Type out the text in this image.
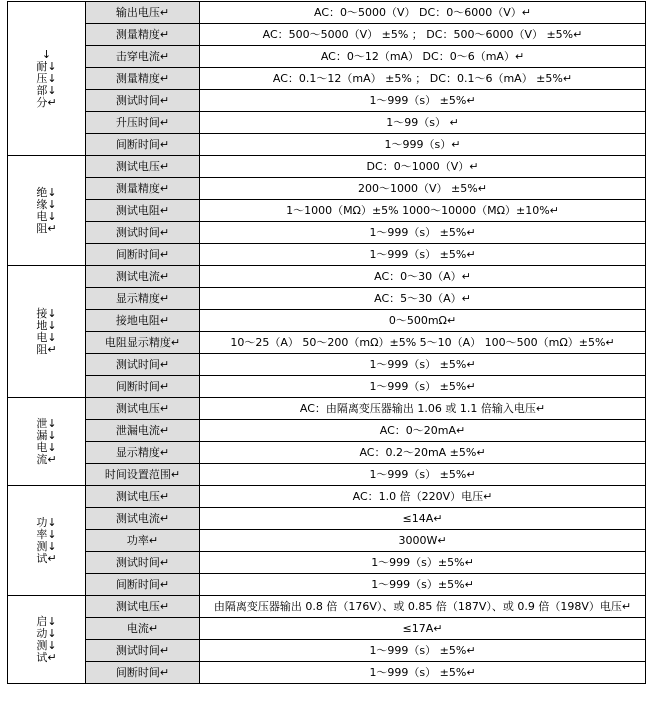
↓
耐↓
压↓
部↓
分↵	输出电压↵	AC：0～5000（V） DC：0～6000（V）↵
	测量精度↵	AC：500～5000（V） ±5% ； DC：500～6000（V） ±5%↵
	击穿电流↵	AC：0～12（mA） DC：0～6（mA）↵
	测量精度↵	AC：0.1～12（mA） ±5% ； DC：0.1～6（mA） ±5%↵
	测试时间↵	1～999（s） ±5%↵
	升压时间↵	1～99（s） ↵
	间断时间↵	1～999（s）↵

绝↓
缘↓
电↓
阻↵	测试电压↵	DC：0～1000（V）↵
	测量精度↵	200～1000（V） ±5%↵
	测试电阻↵	1～1000（MΩ）±5% 1000～10000（MΩ）±10%↵
	测试时间↵	1～999（s） ±5%↵
	间断时间↵	1～999（s） ±5%↵

接↓
地↓
电↓
阻↵	测试电流↵	AC：0～30（A）↵
	显示精度↵	AC：5～30（A）↵
	接地电阻↵	0～500mΩ↵
	电阻显示精度↵	10～25（A） 50～200（mΩ）±5% 5～10（A） 100～500（mΩ）±5%↵
	测试时间↵	1～999（s） ±5%↵
	间断时间↵	1～999（s） ±5%↵

泄↓
漏↓
电↓
流↵	测试电压↵	AC：由隔离变压器输出 1.06 或 1.1 倍输入电压↵
	泄漏电流↵	AC：0～20mA↵
	显示精度↵	AC：0.2～20mA ±5%↵
	时间设置范围↵	1～999（s） ±5%↵

功↓
率↓
测↓
试↵	测试电压↵	AC：1.0 倍（220V）电压↵
	测试电流↵	≤14A↵
	功率↵	3000W↵
	测试时间↵	1～999（s）±5%↵
	间断时间↵	1～999（s）±5%↵

启↓
动↓
测↓
试↵	测试电压↵	由隔离变压器输出 0.8 倍（176V）、或 0.85 倍（187V）、或 0.9 倍（198V）电压↵
	电流↵	≤17A↵
	测试时间↵	1～999（s） ±5%↵
	间断时间↵	1～999（s） ±5%↵
